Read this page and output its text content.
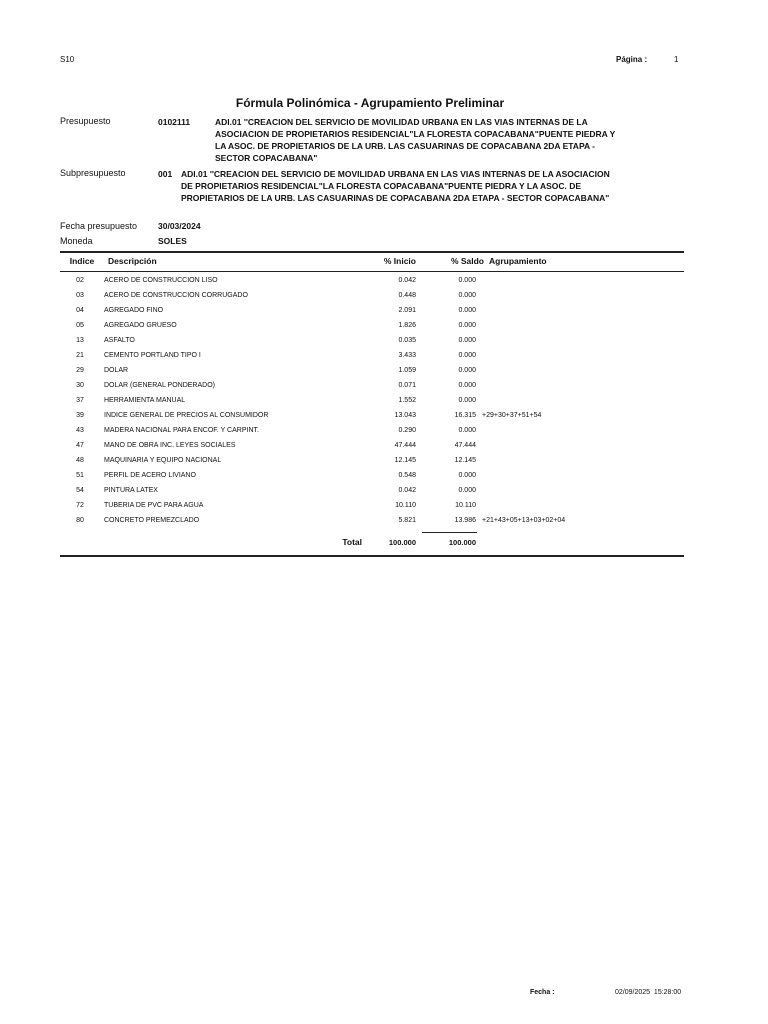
S10	Página :	1
Fórmula Polinómica - Agrupamiento Preliminar
Presupuesto	0102111	ADI.01 ''CREACION DEL SERVICIO DE MOVILIDAD URBANA EN LAS VIAS INTERNAS DE LA ASOCIACION DE PROPIETARIOS RESIDENCIAL"LA FLORESTA COPACABANA"PUENTE PIEDRA Y LA ASOC. DE PROPIETARIOS DE LA URB. LAS CASUARINAS DE COPACABANA 2DA ETAPA - SECTOR COPACABANA"
Subpresupuesto	001 ADI.01 ''CREACION DEL SERVICIO DE MOVILIDAD URBANA EN LAS VIAS INTERNAS DE LA ASOCIACION DE PROPIETARIOS RESIDENCIAL"LA FLORESTA COPACABANA"PUENTE PIEDRA Y LA ASOC. DE PROPIETARIOS DE LA URB. LAS CASUARINAS DE COPACABANA 2DA ETAPA - SECTOR COPACABANA"
Fecha presupuesto 30/03/2024
Moneda	SOLES
Indice	Descripción	% Inicio	% Saldo Agrupamiento
02	ACERO DE CONSTRUCCION LISO	0.042	0.000
03	ACERO DE CONSTRUCCION CORRUGADO	0.448	0.000
04	AGREGADO FINO	2.091	0.000
05	AGREGADO GRUESO	1.826	0.000
13	ASFALTO	0.035	0.000
21	CEMENTO PORTLAND TIPO I	3.433	0.000
29	DOLAR	1.059	0.000
30	DOLAR (GENERAL PONDERADO)	0.071	0.000
37	HERRAMIENTA MANUAL	1.552	0.000
39	INDICE GENERAL DE PRECIOS AL CONSUMIDOR	13.043	16.315 +29+30+37+51+54
43	MADERA NACIONAL PARA ENCOF. Y CARPINT.	0.290	0.000
47	MANO DE OBRA INC. LEYES SOCIALES	47.444	47.444
48	MAQUINARIA Y EQUIPO NACIONAL	12.145	12.145
51	PERFIL DE ACERO LIVIANO	0.548	0.000
54	PINTURA LATEX	0.042	0.000
72	TUBERIA DE PVC PARA AGUA	10.110	10.110
80	CONCRETO PREMEZCLADO	5.821	13.986 +21+43+05+13+03+02+04
Total	100.000	100.000
Fecha :	02/09/2025  15:28:00
